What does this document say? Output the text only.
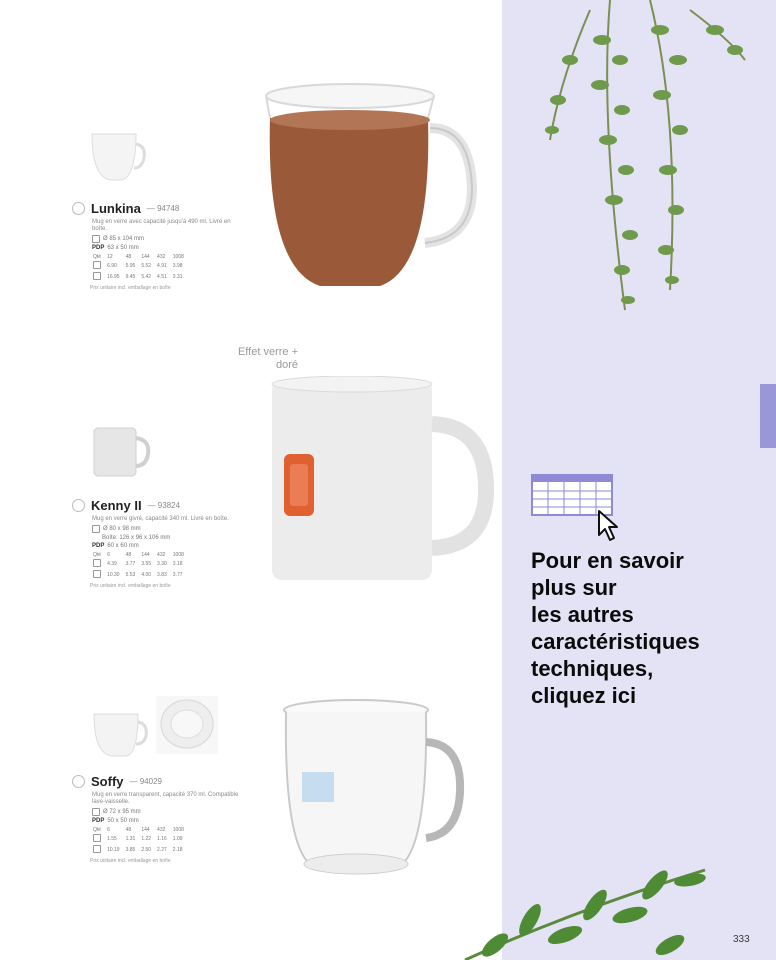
Pour en savoir
plus sur
les autres
caractéristiques
techniques,
cliquez ici
333
Lunkina — 94748
Mug en verre avec capacité jusqu'à 490 ml. Livré en boîte.
Ø 85 x 104 mm
PDP 63 x 50 mm
Qté	12	48	144	432	1008
	6.90	5.95	5.52	4.91	3.98
	16.95	9.45	5.42	4.51	3.31
Prix unitaire incl. emballage en boîte
Effet verre +
doré
Kenny II — 93824
Mug en verre givré, capacité 340 ml. Livré en boîte.
Ø 80 x 98 mm
Boîte: 126 x 96 x 106 mm
PDP 60 x 60 mm
Qté	6	48	144	432	1008
	4.39	3.77	3.55	3.30	3.18
	10.30	5.53	4.00	3.83	3.77
Prix unitaire incl. emballage en boîte
Soffy — 94029
Mug en verre transparent, capacité 370 ml. Compatible lave-vaisselle.
Ø 72 x 95 mm
PDP 50 x 50 mm
Qté	6	48	144	432	1008
	1.55	1.31	1.22	1.16	1.09
	10.19	3.85	2.50	2.27	2.18
Prix unitaire incl. emballage en boîte
